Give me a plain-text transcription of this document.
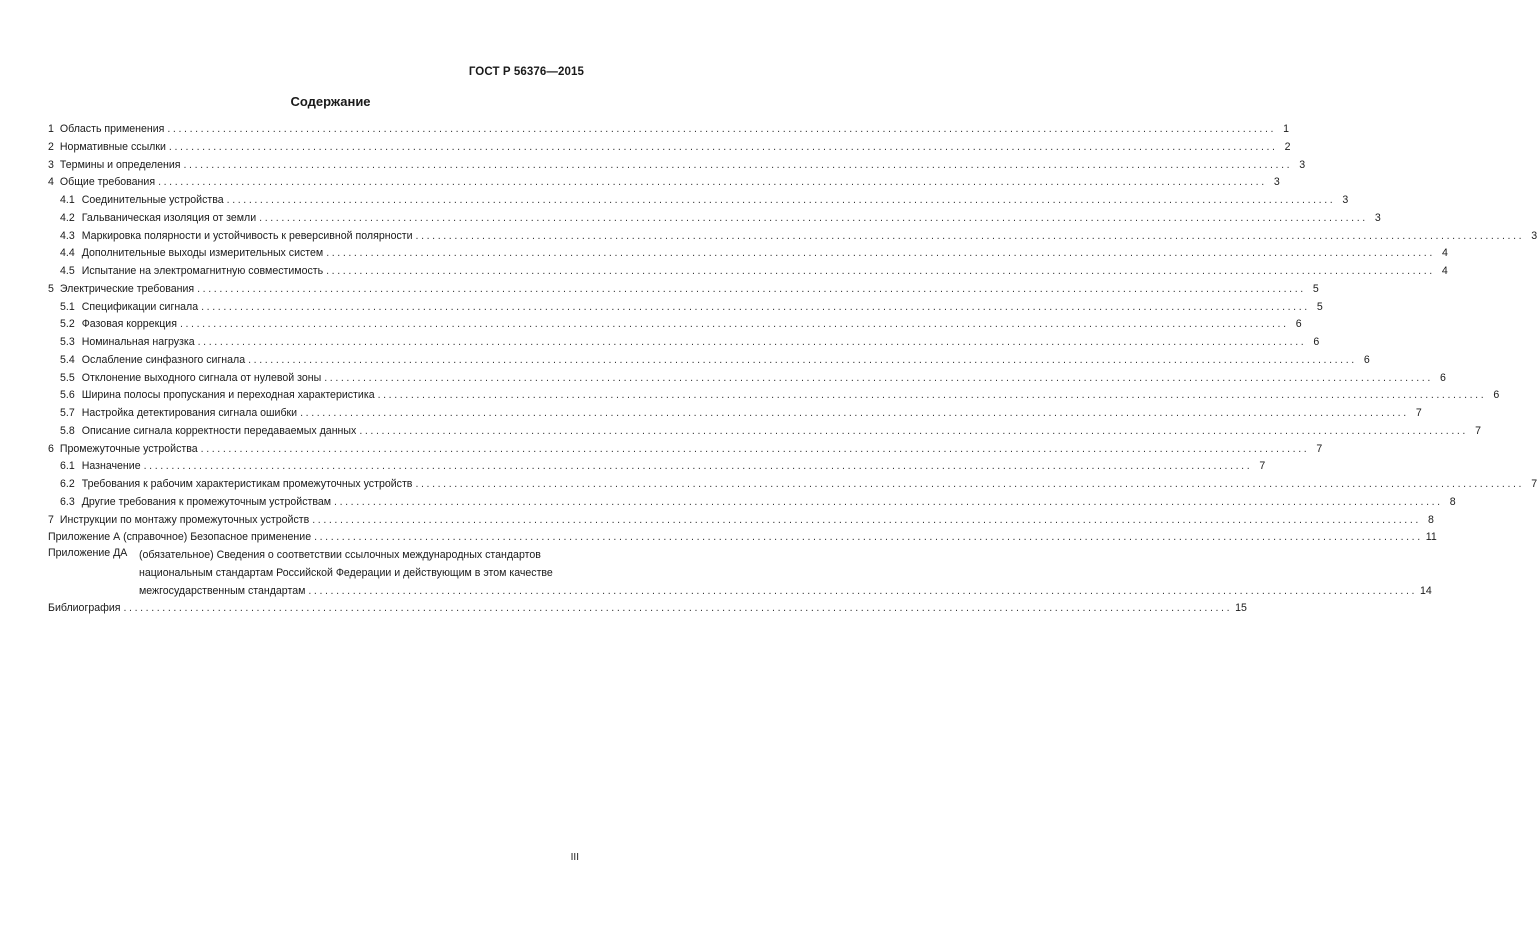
ГОСТ Р 56376—2015
Содержание
1 Область применения ........................................................................................................................................................................................................ 1
2 Нормативные ссылки ........................................................................................................................................................................................................ 2
3 Термины и определения ........................................................................................................................................................................................................ 3
4 Общие требования ........................................................................................................................................................................................................ 3
4.1 Соединительные устройства ........................................................................................................................................................................................................ 3
4.2 Гальваническая изоляция от земли ........................................................................................................................................................................................................ 3
4.3 Маркировка полярности и устойчивость к реверсивной полярности ........................................................................................................................................................................................................ 3
4.4 Дополнительные выходы измерительных систем ........................................................................................................................................................................................................ 4
4.5 Испытание на электромагнитную совместимость ........................................................................................................................................................................................................ 4
5 Электрические требования ........................................................................................................................................................................................................ 5
5.1 Спецификации сигнала ........................................................................................................................................................................................................ 5
5.2 Фазовая коррекция ........................................................................................................................................................................................................ 6
5.3 Номинальная нагрузка ........................................................................................................................................................................................................ 6
5.4 Ослабление синфазного сигнала ........................................................................................................................................................................................................ 6
5.5 Отклонение выходного сигнала от нулевой зоны ........................................................................................................................................................................................................ 6
5.6 Ширина полосы пропускания и переходная характеристика ........................................................................................................................................................................................................ 6
5.7 Настройка детектирования сигнала ошибки ........................................................................................................................................................................................................ 7
5.8 Описание сигнала корректности передаваемых данных ........................................................................................................................................................................................................ 7
6 Промежуточные устройства ........................................................................................................................................................................................................ 7
6.1 Назначение ........................................................................................................................................................................................................ 7
6.2 Требования к рабочим характеристикам промежуточных устройств ........................................................................................................................................................................................................ 7
6.3 Другие требования к промежуточным устройствам ........................................................................................................................................................................................................ 8
7 Инструкции по монтажу промежуточных устройств ........................................................................................................................................................................................................ 8
Приложение А (справочное) Безопасное применение ........................................................................................................................................................................................................ 11
Приложение ДА	(обязательное) Сведения о соответствии ссылочных международных стандартов
национальным стандартам Российской Федерации и действующим в этом качестве
межгосударственным стандартам ........................................................................................................................................................................................................ 14
Библиография ........................................................................................................................................................................................................ 15
III
